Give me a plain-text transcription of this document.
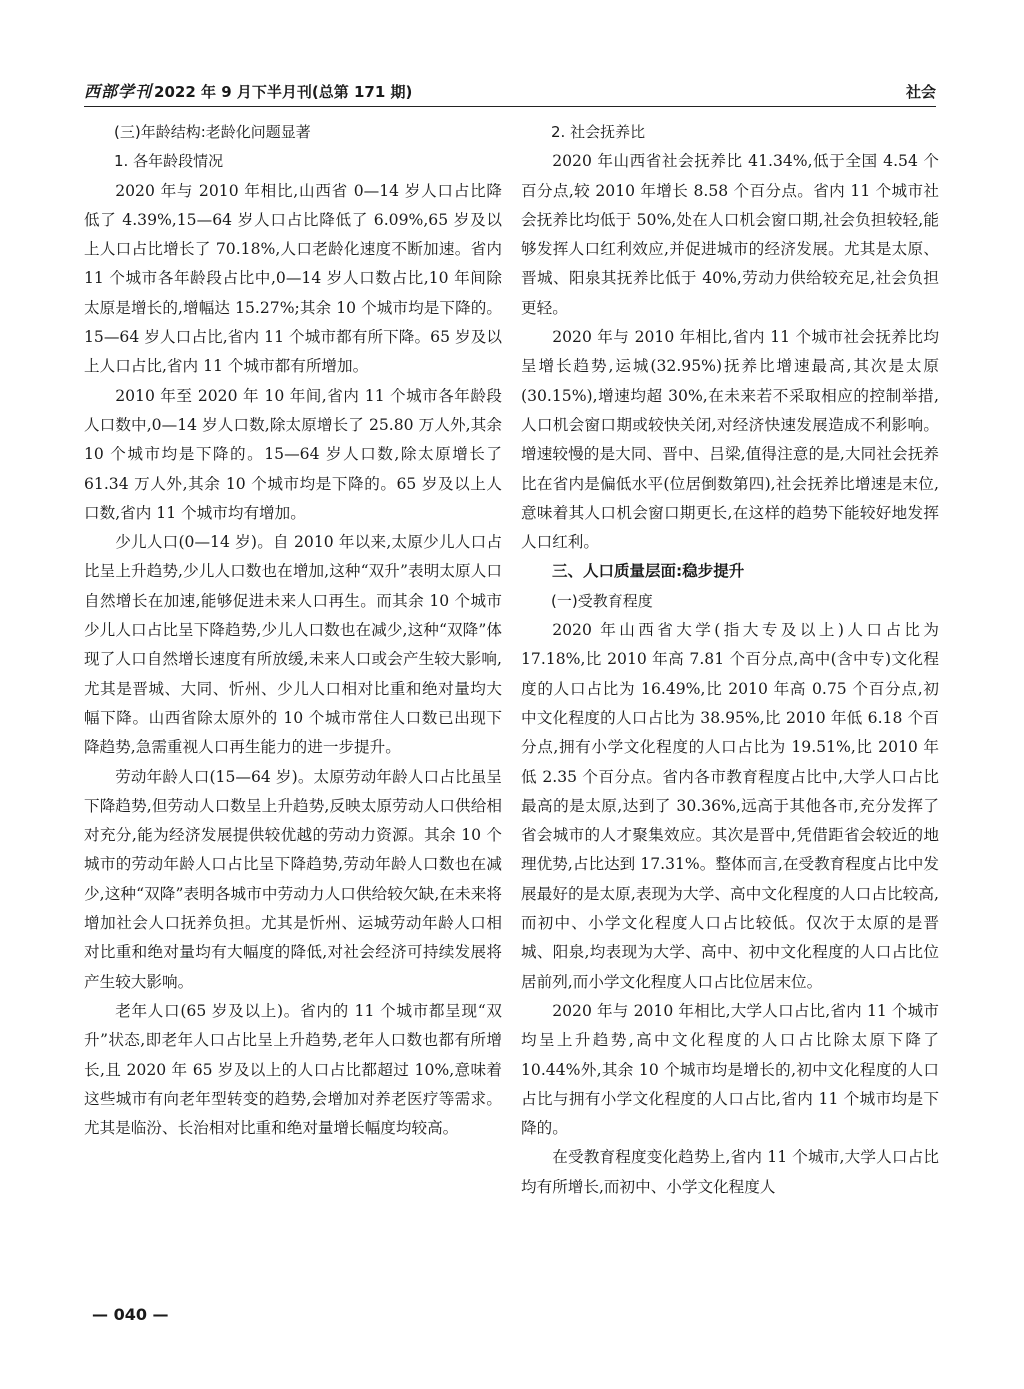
西部学刊 2022 年 9 月下半月刊(总第 171 期)	社会
(三)年龄结构:老龄化问题显著
1. 各年龄段情况

2020 年与 2010 年相比,山西省 0—14 岁人口占比降低了 4.39%,15—64 岁人口占比降低了 6.09%,65 岁及以上人口占比增长了 70.18%,人口老龄化速度不断加速。省内 11 个城市各年龄段占比中,0—14 岁人口数占比,10 年间除太原是增长的,增幅达 15.27%;其余 10 个城市均是下降的。15—64 岁人口占比,省内 11 个城市都有所下降。65 岁及以上人口占比,省内 11 个城市都有所增加。

2010 年至 2020 年 10 年间,省内 11 个城市各年龄段人口数中,0—14 岁人口数,除太原增长了 25.80 万人外,其余 10 个城市均是下降的。15—64 岁人口数,除太原增长了 61.34 万人外,其余 10 个城市均是下降的。65 岁及以上人口数,省内 11 个城市均有增加。

少儿人口(0—14 岁)。自 2010 年以来,太原少儿人口占比呈上升趋势,少儿人口数也在增加,这种“双升”表明太原人口自然增长在加速,能够促进未来人口再生。而其余 10 个城市少儿人口占比呈下降趋势,少儿人口数也在减少,这种“双降”体现了人口自然增长速度有所放缓,未来人口或会产生较大影响,尤其是晋城、大同、忻州、少儿人口相对比重和绝对量均大幅下降。山西省除太原外的 10 个城市常住人口数已出现下降趋势,急需重视人口再生能力的进一步提升。

劳动年龄人口(15—64 岁)。太原劳动年龄人口占比虽呈下降趋势,但劳动人口数呈上升趋势,反映太原劳动人口供给相对充分,能为经济发展提供较优越的劳动力资源。其余 10 个城市的劳动年龄人口占比呈下降趋势,劳动年龄人口数也在减少,这种“双降”表明各城市中劳动力人口供给较欠缺,在未来将增加社会人口抚养负担。尤其是忻州、运城劳动年龄人口相对比重和绝对量均有大幅度的降低,对社会经济可持续发展将产生较大影响。

老年人口(65 岁及以上)。省内的 11 个城市都呈现“双升”状态,即老年人口占比呈上升趋势,老年人口数也都有所增长,且 2020 年 65 岁及以上的人口占比都超过 10%,意味着这些城市有向老年型转变的趋势,会增加对养老医疗等需求。尤其是临汾、长治相对比重和绝对量增长幅度均较高。

2. 社会抚养比

2020 年山西省社会抚养比 41.34%,低于全国 4.54 个百分点,较 2010 年增长 8.58 个百分点。省内 11 个城市社会抚养比均低于 50%,处在人口机会窗口期,社会负担较轻,能够发挥人口红利效应,并促进城市的经济发展。尤其是太原、晋城、阳泉其抚养比低于 40%,劳动力供给较充足,社会负担更轻。

2020 年与 2010 年相比,省内 11 个城市社会抚养比均呈增长趋势,运城(32.95%)抚养比增速最高,其次是太原(30.15%),增速均超 30%,在未来若不采取相应的控制举措,人口机会窗口期或较快关闭,对经济快速发展造成不利影响。增速较慢的是大同、晋中、吕梁,值得注意的是,大同社会抚养比在省内是偏低水平(位居倒数第四),社会抚养比增速是末位,意味着其人口机会窗口期更长,在这样的趋势下能较好地发挥人口红利。

三、人口质量层面:稳步提升
(一)受教育程度

2020 年山西省大学(指大专及以上)人口占比为 17.18%,比 2010 年高 7.81 个百分点,高中(含中专)文化程度的人口占比为 16.49%,比 2010 年高 0.75 个百分点,初中文化程度的人口占比为 38.95%,比 2010 年低 6.18 个百分点,拥有小学文化程度的人口占比为 19.51%,比 2010 年低 2.35 个百分点。省内各市教育程度占比中,大学人口占比最高的是太原,达到了 30.36%,远高于其他各市,充分发挥了省会城市的人才聚集效应。其次是晋中,凭借距省会较近的地理优势,占比达到 17.31%。整体而言,在受教育程度占比中发展最好的是太原,表现为大学、高中文化程度的人口占比较高,而初中、小学文化程度人口占比较低。仅次于太原的是晋城、阳泉,均表现为大学、高中、初中文化程度的人口占比位居前列,而小学文化程度人口占比位居末位。

2020 年与 2010 年相比,大学人口占比,省内 11 个城市均呈上升趋势,高中文化程度的人口占比除太原下降了 10.44%外,其余 10 个城市均是增长的,初中文化程度的人口占比与拥有小学文化程度的人口占比,省内 11 个城市均是下降的。

在受教育程度变化趋势上,省内 11 个城市,大学人口占比均有所增长,而初中、小学文化程度人

— 040 —
